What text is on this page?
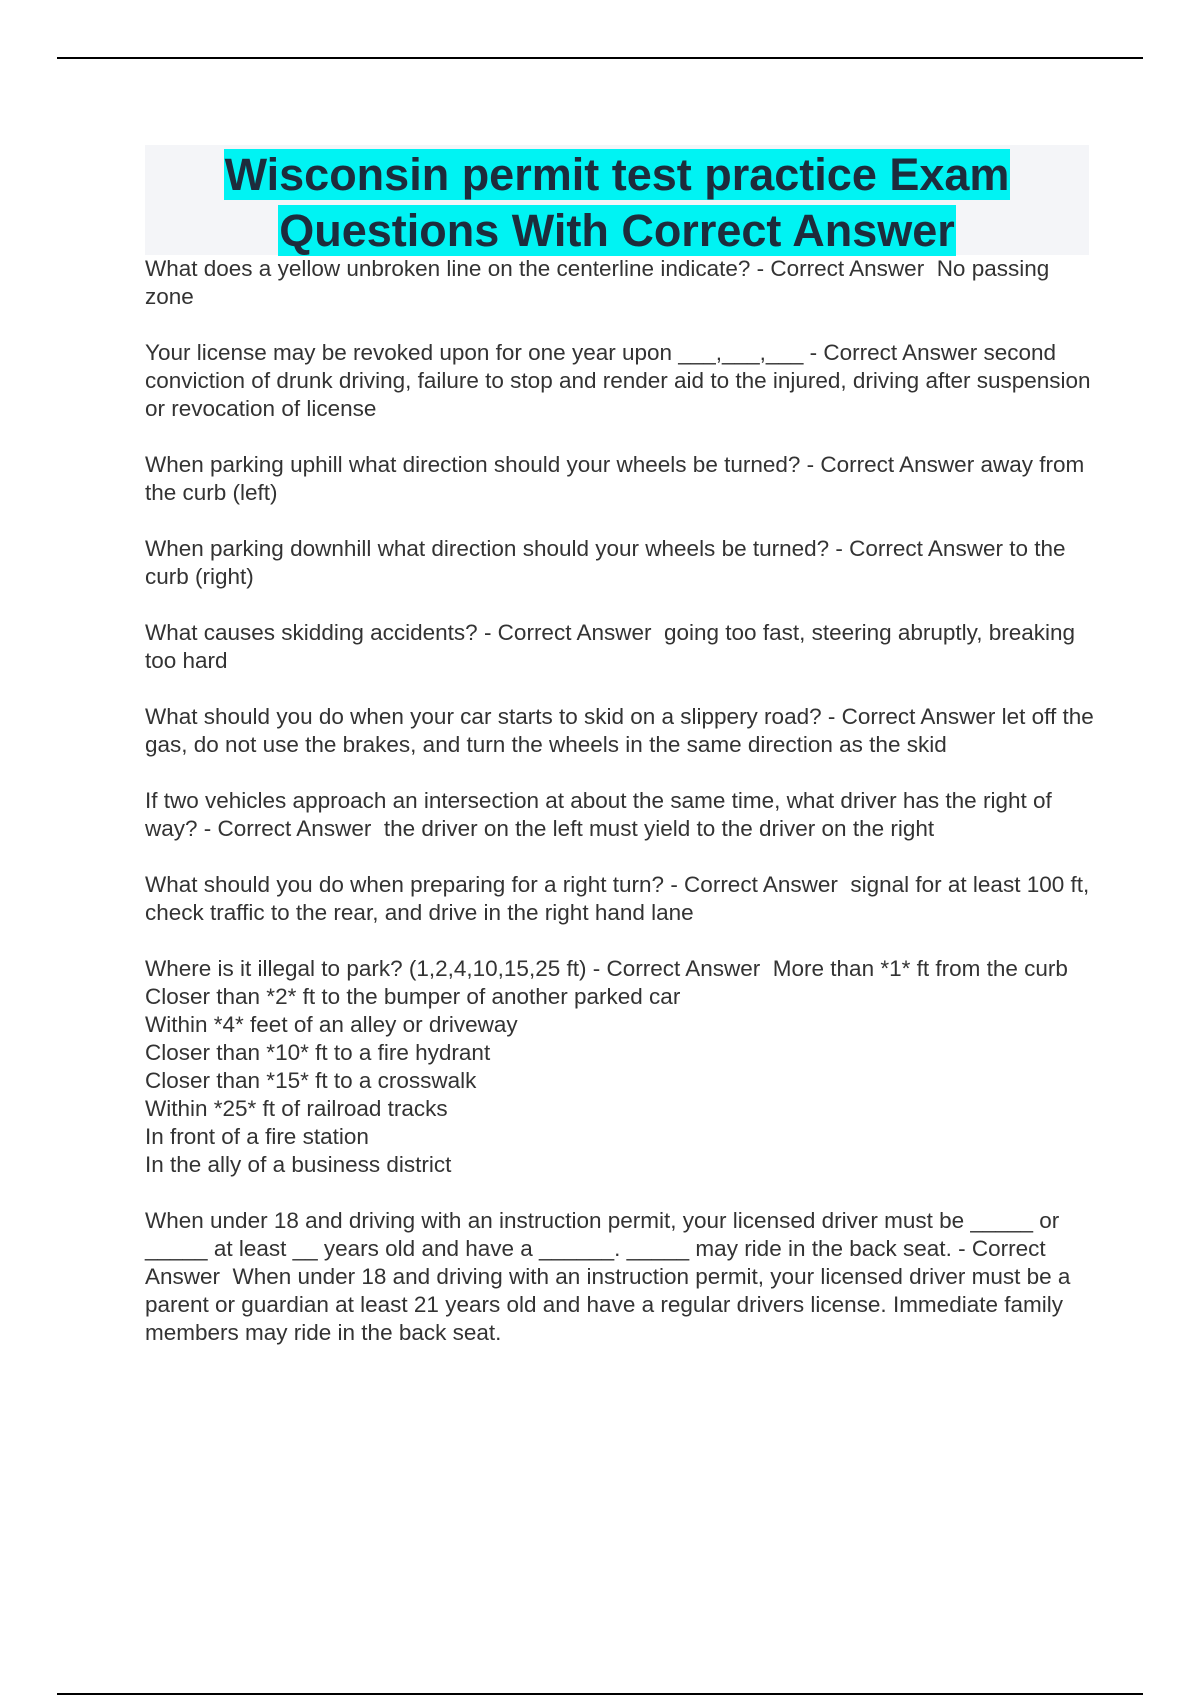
Wisconsin permit test practice Exam
Questions With Correct Answer

What does a yellow unbroken line on the centerline indicate? - Correct Answer  No passing zone

Your license may be revoked upon for one year upon ___,___,___ - Correct Answer second conviction of drunk driving, failure to stop and render aid to the injured, driving after suspension or revocation of license

When parking uphill what direction should your wheels be turned? - Correct Answer away from the curb (left)

When parking downhill what direction should your wheels be turned? - Correct Answer to the curb (right)

What causes skidding accidents? - Correct Answer  going too fast, steering abruptly, breaking too hard

What should you do when your car starts to skid on a slippery road? - Correct Answer let off the gas, do not use the brakes, and turn the wheels in the same direction as the skid

If two vehicles approach an intersection at about the same time, what driver has the right of way? - Correct Answer  the driver on the left must yield to the driver on the right

What should you do when preparing for a right turn? - Correct Answer  signal for at least 100 ft, check traffic to the rear, and drive in the right hand lane

Where is it illegal to park? (1,2,4,10,15,25 ft) - Correct Answer  More than *1* ft from the curb
Closer than *2* ft to the bumper of another parked car
Within *4* feet of an alley or driveway
Closer than *10* ft to a fire hydrant
Closer than *15* ft to a crosswalk
Within *25* ft of railroad tracks
In front of a fire station
In the ally of a business district

When under 18 and driving with an instruction permit, your licensed driver must be _____ or _____ at least __ years old and have a ______. _____ may ride in the back seat. - Correct Answer  When under 18 and driving with an instruction permit, your licensed driver must be a parent or guardian at least 21 years old and have a regular drivers license. Immediate family members may ride in the back seat.
